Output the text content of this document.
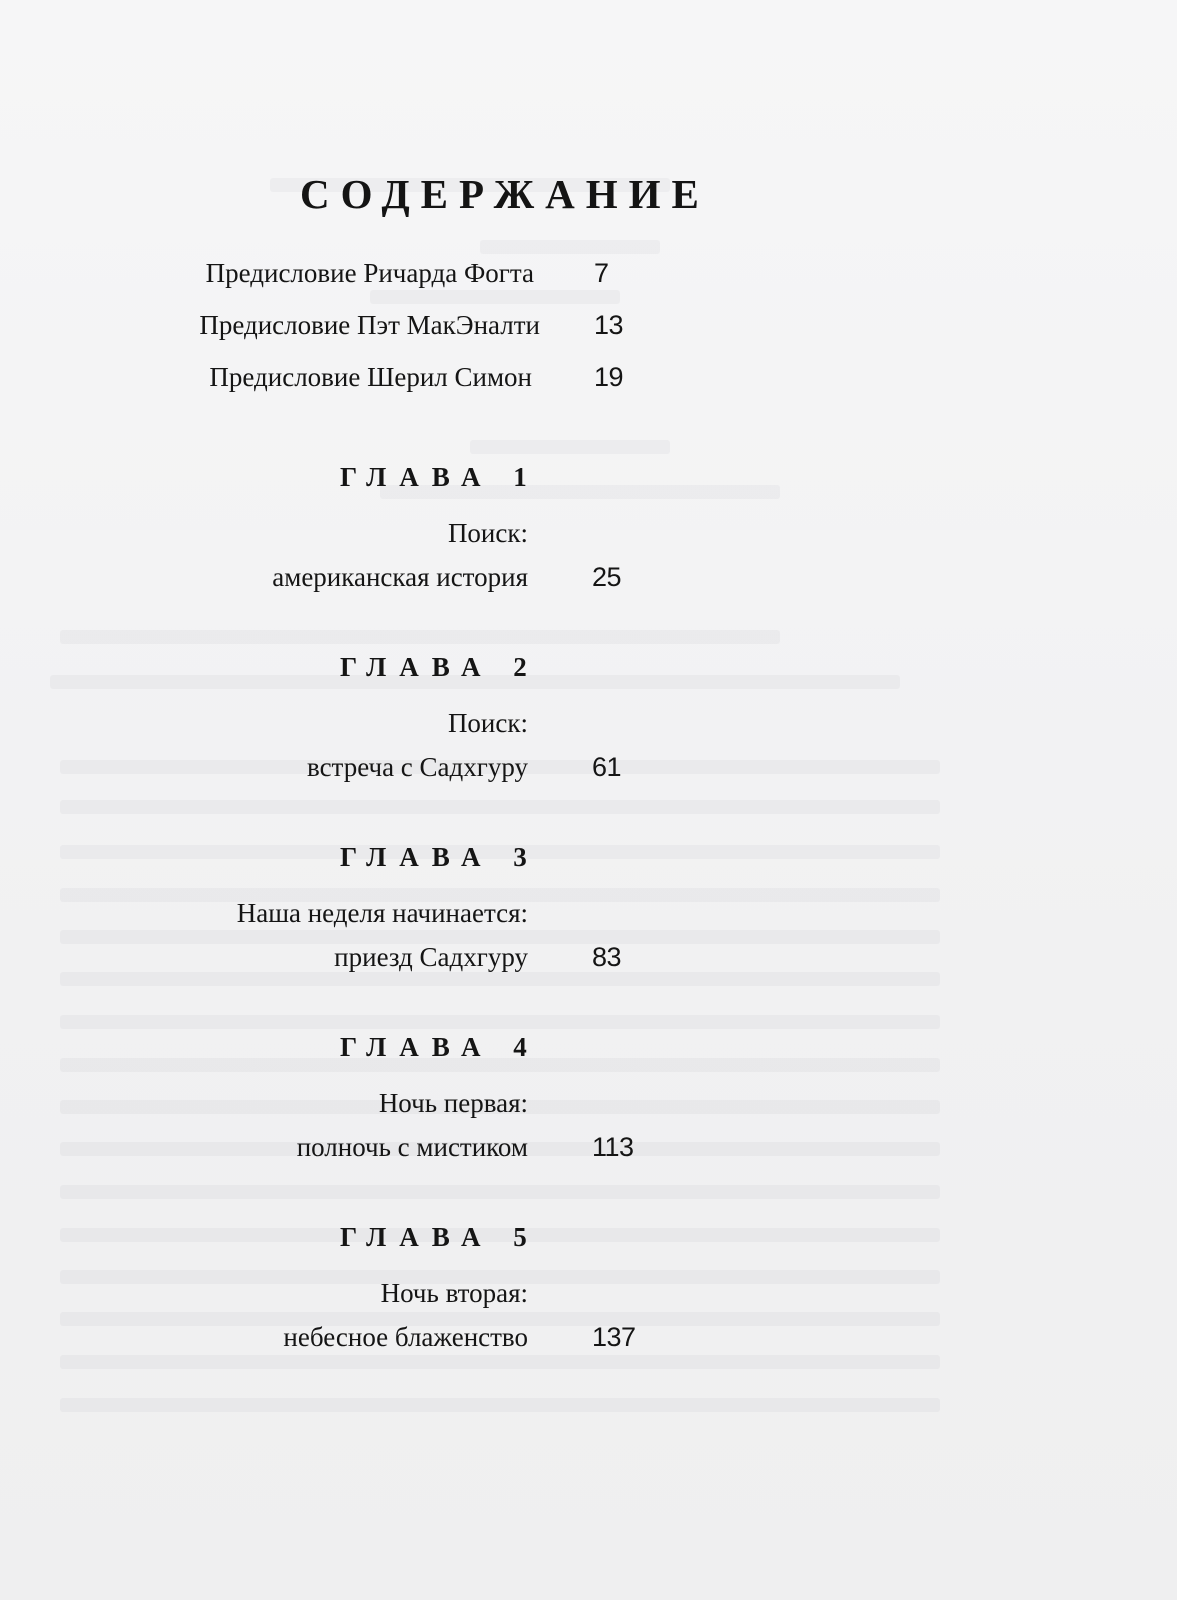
СОДЕРЖАНИЕ
Предисловие Ричарда Фогта 7
Предисловие Пэт МакЭналти 13
Предисловие Шерил Симон 19
ГЛАВА 1
Поиск:
американская история 25
ГЛАВА 2
Поиск:
встреча с Садхгуру 61
ГЛАВА 3
Наша неделя начинается:
приезд Садхгуру 83
ГЛАВА 4
Ночь первая:
полночь с мистиком 113
ГЛАВА 5
Ночь вторая:
небесное блаженство 137
